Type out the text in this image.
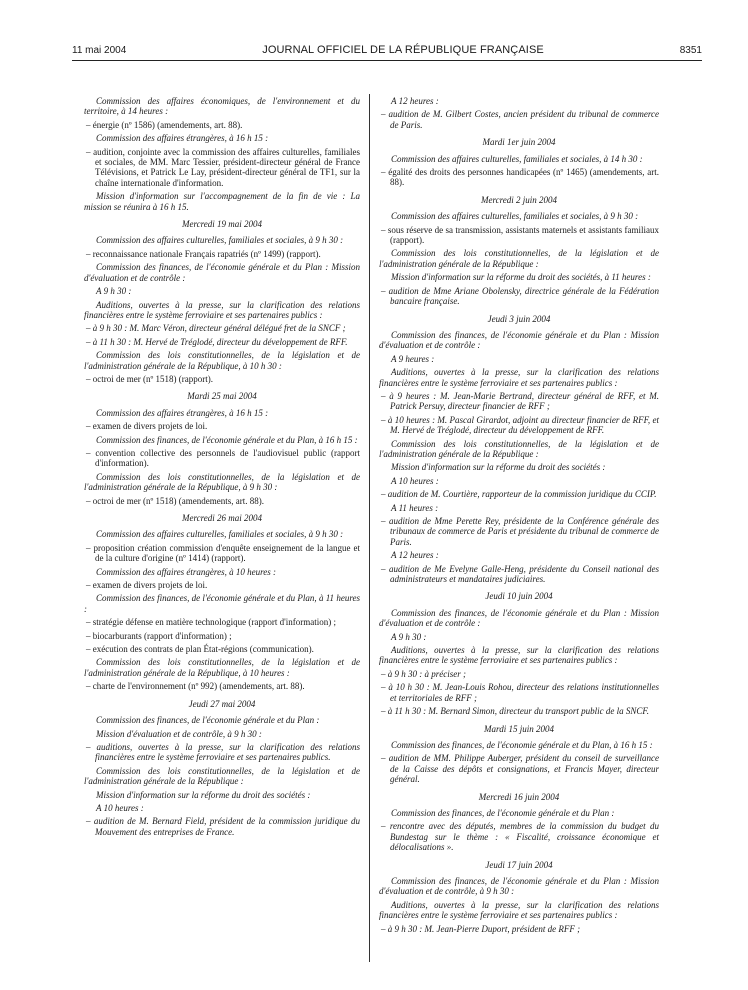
11 mai 2004	JOURNAL OFFICIEL DE LA RÉPUBLIQUE FRANÇAISE	8351
Commission des affaires économiques, de l'environnement et du territoire, à 14 heures :
– énergie (nº 1586) (amendements, art. 88).
Commission des affaires étrangères, à 16 h 15 :
– audition, conjointe avec la commission des affaires culturelles, familiales et sociales, de MM. Marc Tessier, président-directeur général de France Télévisions, et Patrick Le Lay, président-directeur général de TF1, sur la chaîne internationale d'information.
Mission d'information sur l'accompagnement de la fin de vie : La mission se réunira à 16 h 15.
Mercredi 19 mai 2004
Commission des affaires culturelles, familiales et sociales, à 9 h 30 :
– reconnaissance nationale Français rapatriés (nº 1499) (rapport).
Commission des finances, de l'économie générale et du Plan : Mission d'évaluation et de contrôle :
A 9 h 30 :
Auditions, ouvertes à la presse, sur la clarification des relations financières entre le système ferroviaire et ses partenaires publics :
– à 9 h 30 : M. Marc Véron, directeur général délégué fret de la SNCF ;
– à 11 h 30 : M. Hervé de Tréglodé, directeur du développement de RFF.
Commission des lois constitutionnelles, de la législation et de l'administration générale de la République, à 10 h 30 :
– octroi de mer (nº 1518) (rapport).
Mardi 25 mai 2004
Commission des affaires étrangères, à 16 h 15 :
– examen de divers projets de loi.
Commission des finances, de l'économie générale et du Plan, à 16 h 15 :
– convention collective des personnels de l'audiovisuel public (rapport d'information).
Commission des lois constitutionnelles, de la législation et de l'administration générale de la République, à 9 h 30 :
– octroi de mer (nº 1518) (amendements, art. 88).
Mercredi 26 mai 2004
Commission des affaires culturelles, familiales et sociales, à 9 h 30 :
– proposition création commission d'enquête enseignement de la langue et de la culture d'origine (nº 1414) (rapport).
Commission des affaires étrangères, à 10 heures :
– examen de divers projets de loi.
Commission des finances, de l'économie générale et du Plan, à 11 heures :
– stratégie défense en matière technologique (rapport d'information) ;
– biocarburants (rapport d'information) ;
– exécution des contrats de plan État-régions (communication).
Commission des lois constitutionnelles, de la législation et de l'administration générale de la République, à 10 heures :
– charte de l'environnement (nº 992) (amendements, art. 88).
Jeudi 27 mai 2004
Commission des finances, de l'économie générale et du Plan :
Mission d'évaluation et de contrôle, à 9 h 30 :
– auditions, ouvertes à la presse, sur la clarification des relations financières entre le système ferroviaire et ses partenaires publics.
Commission des lois constitutionnelles, de la législation et de l'administration générale de la République :
Mission d'information sur la réforme du droit des sociétés :
A 10 heures :
– audition de M. Bernard Field, président de la commission juridique du Mouvement des entreprises de France.
A 12 heures :
– audition de M. Gilbert Costes, ancien président du tribunal de commerce de Paris.
Mardi 1er juin 2004
Commission des affaires culturelles, familiales et sociales, à 14 h 30 :
– égalité des droits des personnes handicapées (nº 1465) (amendements, art. 88).
Mercredi 2 juin 2004
Commission des affaires culturelles, familiales et sociales, à 9 h 30 :
– sous réserve de sa transmission, assistants maternels et assistants familiaux (rapport).
Commission des lois constitutionnelles, de la législation et de l'administration générale de la République :
Mission d'information sur la réforme du droit des sociétés, à 11 heures :
– audition de Mme Ariane Obolensky, directrice générale de la Fédération bancaire française.
Jeudi 3 juin 2004
Commission des finances, de l'économie générale et du Plan : Mission d'évaluation et de contrôle :
A 9 heures :
Auditions, ouvertes à la presse, sur la clarification des relations financières entre le système ferroviaire et ses partenaires publics :
– à 9 heures : M. Jean-Marie Bertrand, directeur général de RFF, et M. Patrick Persuy, directeur financier de RFF ;
– à 10 heures : M. Pascal Girardot, adjoint au directeur financier de RFF, et M. Hervé de Tréglodé, directeur du développement de RFF.
Commission des lois constitutionnelles, de la législation et de l'administration générale de la République :
Mission d'information sur la réforme du droit des sociétés :
A 10 heures :
– audition de M. Courtière, rapporteur de la commission juridique du CCIP.
A 11 heures :
– audition de Mme Perette Rey, présidente de la Conférence générale des tribunaux de commerce de Paris et présidente du tribunal de commerce de Paris.
A 12 heures :
– audition de Me Evelyne Galle-Heng, présidente du Conseil national des administrateurs et mandataires judiciaires.
Jeudi 10 juin 2004
Commission des finances, de l'économie générale et du Plan : Mission d'évaluation et de contrôle :
A 9 h 30 :
Auditions, ouvertes à la presse, sur la clarification des relations financières entre le système ferroviaire et ses partenaires publics :
– à 9 h 30 : à préciser ;
– à 10 h 30 : M. Jean-Louis Rohou, directeur des relations institutionnelles et territoriales de RFF ;
– à 11 h 30 : M. Bernard Simon, directeur du transport public de la SNCF.
Mardi 15 juin 2004
Commission des finances, de l'économie générale et du Plan, à 16 h 15 :
– audition de MM. Philippe Auberger, président du conseil de surveillance de la Caisse des dépôts et consignations, et Francis Mayer, directeur général.
Mercredi 16 juin 2004
Commission des finances, de l'économie générale et du Plan :
– rencontre avec des députés, membres de la commission du budget du Bundestag sur le thème : « Fiscalité, croissance économique et délocalisations ».
Jeudi 17 juin 2004
Commission des finances, de l'économie générale et du Plan : Mission d'évaluation et de contrôle, à 9 h 30 :
Auditions, ouvertes à la presse, sur la clarification des relations financières entre le système ferroviaire et ses partenaires publics :
– à 9 h 30 : M. Jean-Pierre Duport, président de RFF ;
